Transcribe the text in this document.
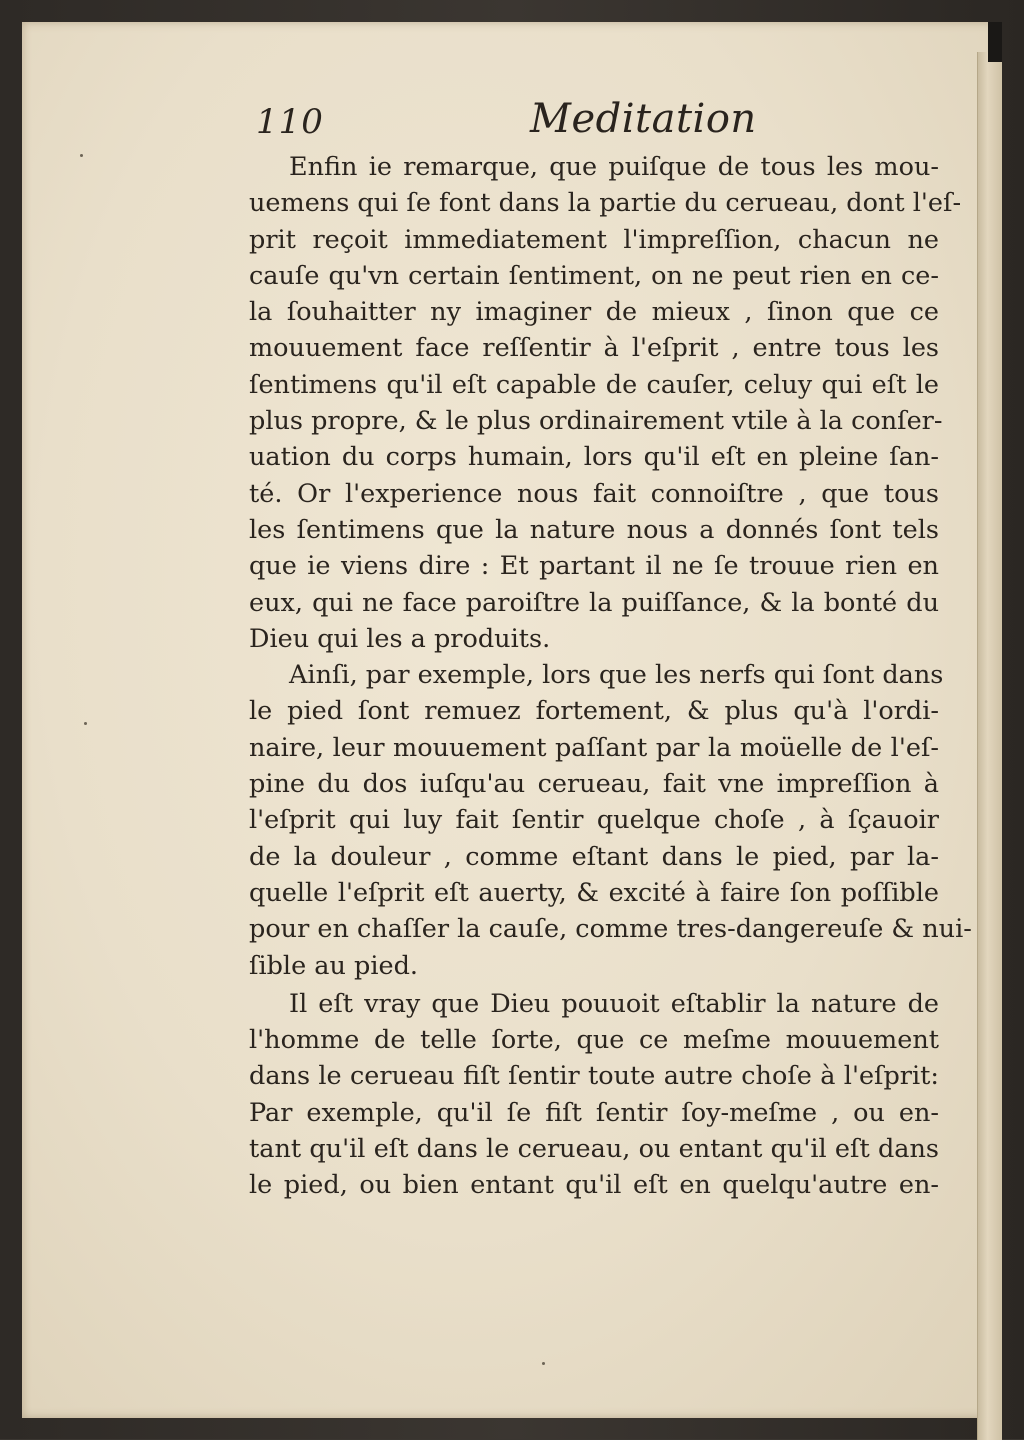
110	Meditation
Enfin ie remarque, que puiſque de tous les mou-
uemens qui ſe font dans la partie du cerueau, dont l'eſ-
prit reçoit immediatement l'impreſſion, chacun ne
cauſe qu'vn certain ſentiment, on ne peut rien en ce-
la ſouhaitter ny imaginer de mieux , ſinon que ce
mouuement face reſſentir à l'eſprit , entre tous les
ſentimens qu'il eſt capable de cauſer, celuy qui eſt le
plus propre, & le plus ordinairement vtile à la conſer-
uation du corps humain, lors qu'il eſt en pleine ſan-
té. Or l'experience nous fait connoiſtre , que tous
les ſentimens que la nature nous a donnés ſont tels
que ie viens dire : Et partant il ne ſe trouue rien en
eux, qui ne face paroiſtre la puiſſance, & la bonté du
Dieu qui les a produits.
Ainſi, par exemple, lors que les nerfs qui ſont dans
le pied ſont remuez fortement, & plus qu'à l'ordi-
naire, leur mouuement paſſant par la moüelle de l'eſ-
pine du dos iuſqu'au cerueau, fait vne impreſſion à
l'eſprit qui luy fait ſentir quelque choſe , à ſçauoir
de la douleur , comme eſtant dans le pied, par la-
quelle l'eſprit eſt auerty, & excité à faire ſon poſſible
pour en chaſſer la cauſe, comme tres-dangereuſe & nui-
ſible au pied.
Il eſt vray que Dieu pouuoit eſtablir la nature de
l'homme de telle ſorte, que ce meſme mouuement
dans le cerueau fiſt ſentir toute autre choſe à l'eſprit:
Par exemple, qu'il ſe fiſt ſentir ſoy-meſme , ou en-
tant qu'il eſt dans le cerueau, ou entant qu'il eſt dans
le pied, ou bien entant qu'il eſt en quelqu'autre en-
